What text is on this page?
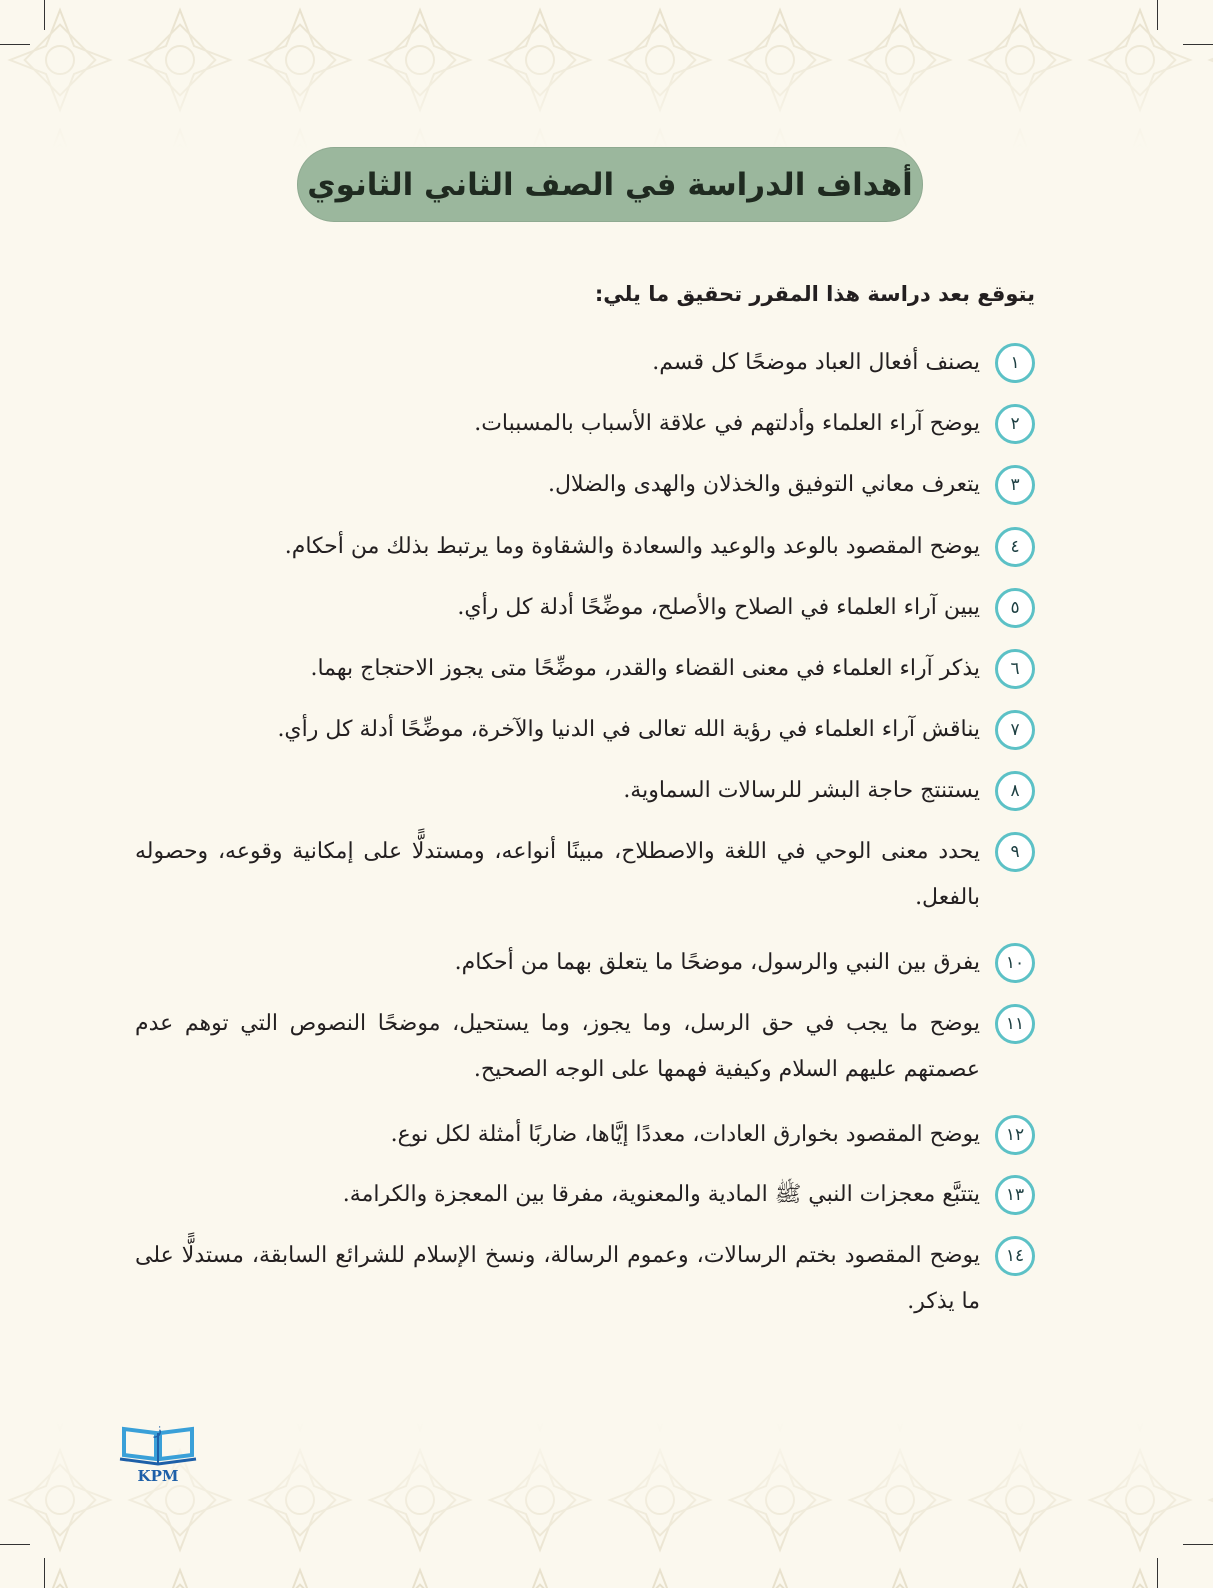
أهداف الدراسة في الصف الثاني الثانوي
يتوقع بعد دراسة هذا المقرر تحقيق ما يلي:
١
يصنف أفعال العباد موضحًا كل قسم.
٢
يوضح آراء العلماء وأدلتهم في علاقة الأسباب بالمسببات.
٣
يتعرف معاني التوفيق والخذلان والهدى والضلال.
٤
يوضح المقصود بالوعد والوعيد والسعادة والشقاوة وما يرتبط بذلك من أحكام.
٥
يبين آراء العلماء في الصلاح والأصلح، موضِّحًا أدلة كل رأي.
٦
يذكر آراء العلماء في معنى القضاء والقدر، موضِّحًا متى يجوز الاحتجاج بهما.
٧
يناقش آراء العلماء في رؤية الله تعالى في الدنيا والآخرة، موضِّحًا أدلة كل رأي.
٨
يستنتج حاجة البشر للرسالات السماوية.
٩
يحدد معنى الوحي في اللغة والاصطلاح، مبينًا أنواعه، ومستدلًّا على إمكانية وقوعه، وحصوله بالفعل.
١٠
يفرق بين النبي والرسول، موضحًا ما يتعلق بهما من أحكام.
١١
يوضح ما يجب في حق الرسل، وما يجوز، وما يستحيل، موضحًا النصوص التي توهم عدم عصمتهم عليهم السلام وكيفية فهمها على الوجه الصحيح.
١٢
يوضح المقصود بخوارق العادات، معددًا إيَّاها، ضاربًا أمثلة لكل نوع.
١٣
يتتبَّع معجزات النبي ﷺ المادية والمعنوية، مفرقا بين المعجزة والكرامة.
١٤
يوضح المقصود بختم الرسالات، وعموم الرسالة، ونسخ الإسلام للشرائع السابقة، مستدلًّا على ما يذكر.
ز
KPM
